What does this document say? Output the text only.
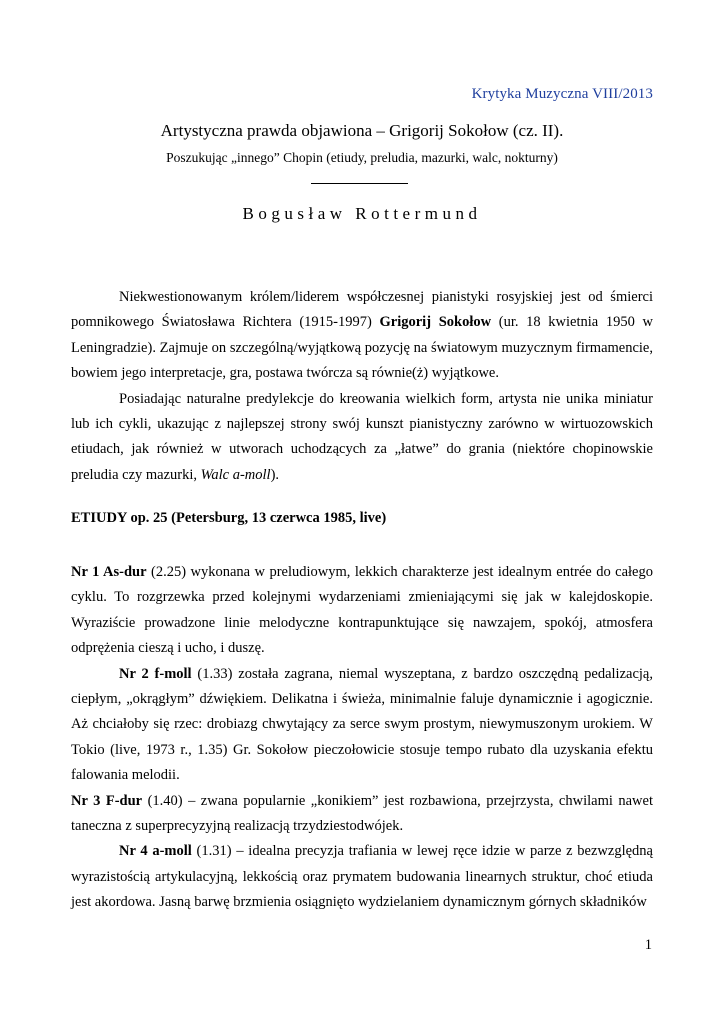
Krytyka Muzyczna VIII/2013
Artystyczna prawda objawiona – Grigorij Sokołow (cz. II).
Poszukując „innego” Chopin (etiudy, preludia, mazurki, walc, nokturny)
Bogusław Rottermund

Niekwestionowanym królem/liderem współczesnej pianistyki rosyjskiej jest od śmierci pomnikowego Światosława Richtera (1915-1997) Grigorij Sokołow (ur. 18 kwietnia 1950 w Leningradzie). Zajmuje on szczególną/wyjątkową pozycję na światowym muzycznym firmamencie, bowiem jego interpretacje, gra, postawa twórcza są równie(ż) wyjątkowe.

Posiadając naturalne predylekcje do kreowania wielkich form, artysta nie unika miniatur lub ich cykli, ukazując z najlepszej strony swój kunszt pianistyczny zarówno w wirtuozowskich etiudach, jak również w utworach uchodzących za „łatwe” do grania (niektóre chopinowskie preludia czy mazurki, Walc a-moll).

ETIUDY op. 25 (Petersburg, 13 czerwca 1985, live)

Nr 1 As-dur (2.25) wykonana w preludiowym, lekkich charakterze jest idealnym entrée do całego cyklu. To rozgrzewka przed kolejnymi wydarzeniami zmieniającymi się jak w kalejdoskopie. Wyraziście prowadzone linie melodyczne kontrapunktujące się nawzajem, spokój, atmosfera odprężenia cieszą i ucho, i duszę.

Nr 2 f-moll (1.33) została zagrana, niemal wyszeptana, z bardzo oszczędną pedalizacją, ciepłym, „okrągłym” dźwiękiem. Delikatna i świeża, minimalnie faluje dynamicznie i agogicznie. Aż chciałoby się rzec: drobiazg chwytający za serce swym prostym, niewymuszonym urokiem. W Tokio (live, 1973 r., 1.35) Gr. Sokołow pieczołowicie stosuje tempo rubato dla uzyskania efektu falowania melodii.

Nr 3 F-dur (1.40) – zwana popularnie „konikiem” jest rozbawiona, przejrzysta, chwilami nawet taneczna z superprecyzyjną realizacją trzydziestodwójek.

Nr 4 a-moll (1.31) – idealna precyzja trafiania w lewej ręce idzie w parze z bezwzględną wyrazistością artykulacyjną, lekkością oraz prymatem budowania linearnych struktur, choć etiuda jest akordowa. Jasną barwę brzmienia osiągnięto wydzielaniem dynamicznym górnych składników

1
